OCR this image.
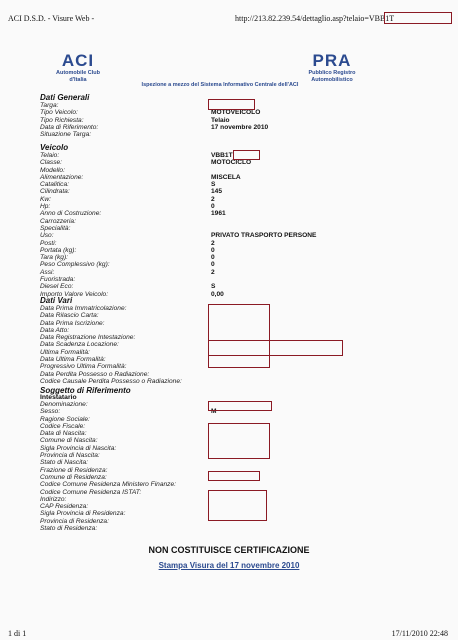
ACI D.S.D. - Visure Web -	http://213.82.239.54/dettaglio.asp?telaio=VBB1T
ACI
Automobile Club
d'Italia
PRA
Pubblico Registro
Automobilistico
Ispezione a mezzo del Sistema Informativo Centrale dell'ACI
Dati Generali
Targa:
Tipo Veicolo:
Tipo Richiesta:
Data di Riferimento:
Situazione Targa:
MOTOVEICOLO
Telaio
17 novembre 2010
Veicolo
Telaio:
Classe:
Modello:
Alimentazione:
Catalitica:
Cilindrata:
Kw:
Hp:
Anno di Costruzione:
Carrozzeria:
Specialità:
Uso:
Posti:
Portata (kg):
Tara (kg):
Peso Complessivo (kg):
Assi:
Fuoristrada:
Diesel Eco:
Importo Valore Veicolo:
VBB1T
MOTOCICLO
MISCELA
S
145
2
0
1961
PRIVATO TRASPORTO PERSONE
2
0
0
0
2
S
0,00
Dati Vari
Data Prima Immatricolazione:
Data Rilascio Carta:
Data Prima Iscrizione:
Data Atto:
Data Registrazione Intestazione:
Data Scadenza Locazione:
Ultima Formalità:
Data Ultima Formalità:
Progressivo Ultima Formalità:
Data Perdita Possesso o Radiazione:
Codice Causale Perdita Possesso o Radiazione:
Soggetto di Riferimento
Intestatario
Denominazione:
Sesso:
Ragione Sociale:
Codice Fiscale:
Data di Nascita:
Comune di Nascita:
Sigla Provincia di Nascita:
Provincia di Nascita:
Stato di Nascita:
Frazione di Residenza:
Comune di Residenza:
Codice Comune Residenza Ministero Finanze:
Codice Comune Residenza ISTAT:
Indirizzo:
CAP Residenza:
Sigla Provincia di Residenza:
Provincia di Residenza:
Stato di Residenza:
M
NON COSTITUISCE CERTIFICAZIONE
Stampa Visura del 17 novembre 2010
1 di 1	17/11/2010 22:48
